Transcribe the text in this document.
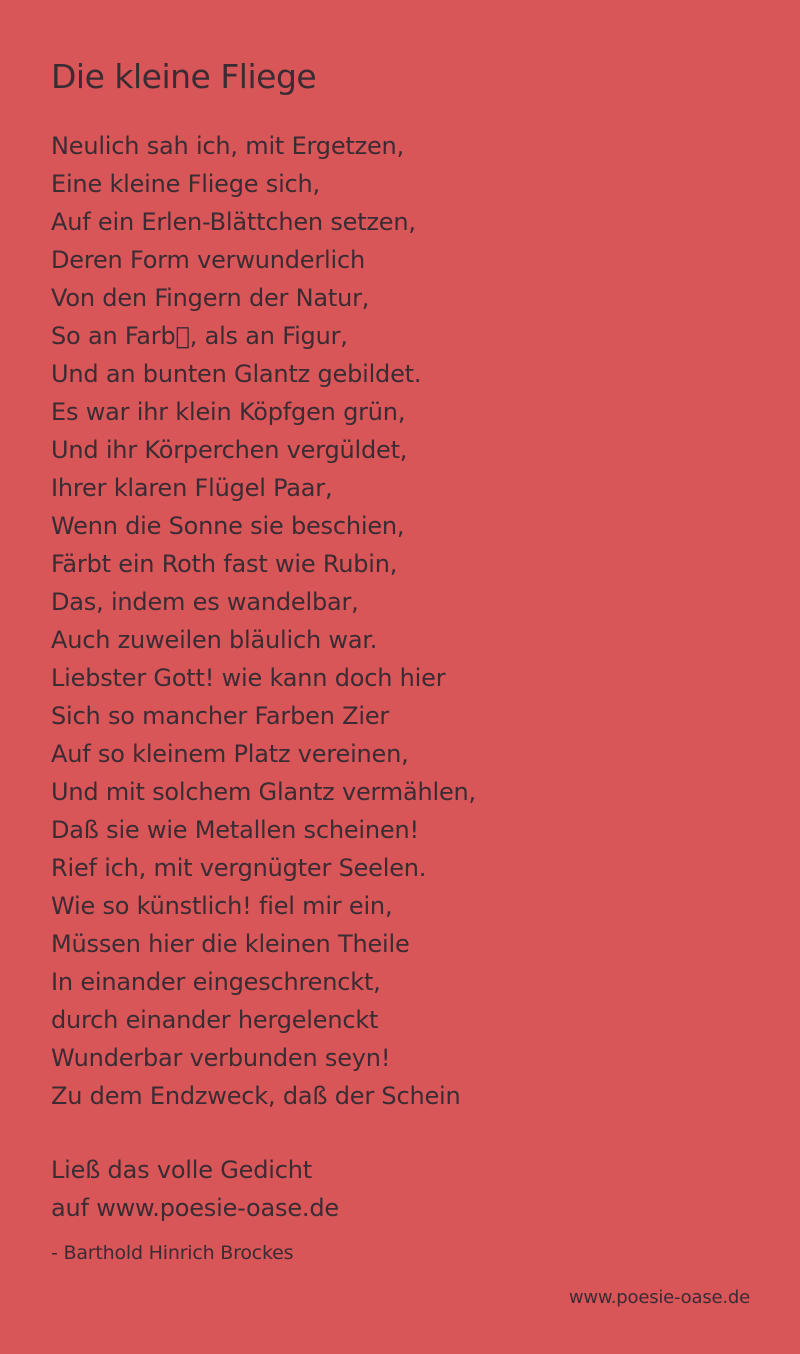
Die kleine Fliege
Neulich sah ich, mit Ergetzen,
Eine kleine Fliege sich,
Auf ein Erlen-Blättchen setzen,
Deren Form verwunderlich
Von den Fingern der Natur,
So an Farb , als an Figur,
Und an bunten Glantz gebildet.
Es war ihr klein Köpfgen grün,
Und ihr Körperchen vergüldet,
Ihrer klaren Flügel Paar,
Wenn die Sonne sie beschien,
Färbt ein Roth fast wie Rubin,
Das, indem es wandelbar,
Auch zuweilen bläulich war.
Liebster Gott! wie kann doch hier
Sich so mancher Farben Zier
Auf so kleinem Platz vereinen,
Und mit solchem Glantz vermählen,
Daß sie wie Metallen scheinen!
Rief ich, mit vergnügter Seelen.
Wie so künstlich! fiel mir ein,
Müssen hier die kleinen Theile
In einander eingeschrenckt,
durch einander hergelenckt
Wunderbar verbunden seyn!
Zu dem Endzweck, daß der Schein
Ließ das volle Gedicht
auf www.poesie-oase.de
- Barthold Hinrich Brockes
www.poesie-oase.de
